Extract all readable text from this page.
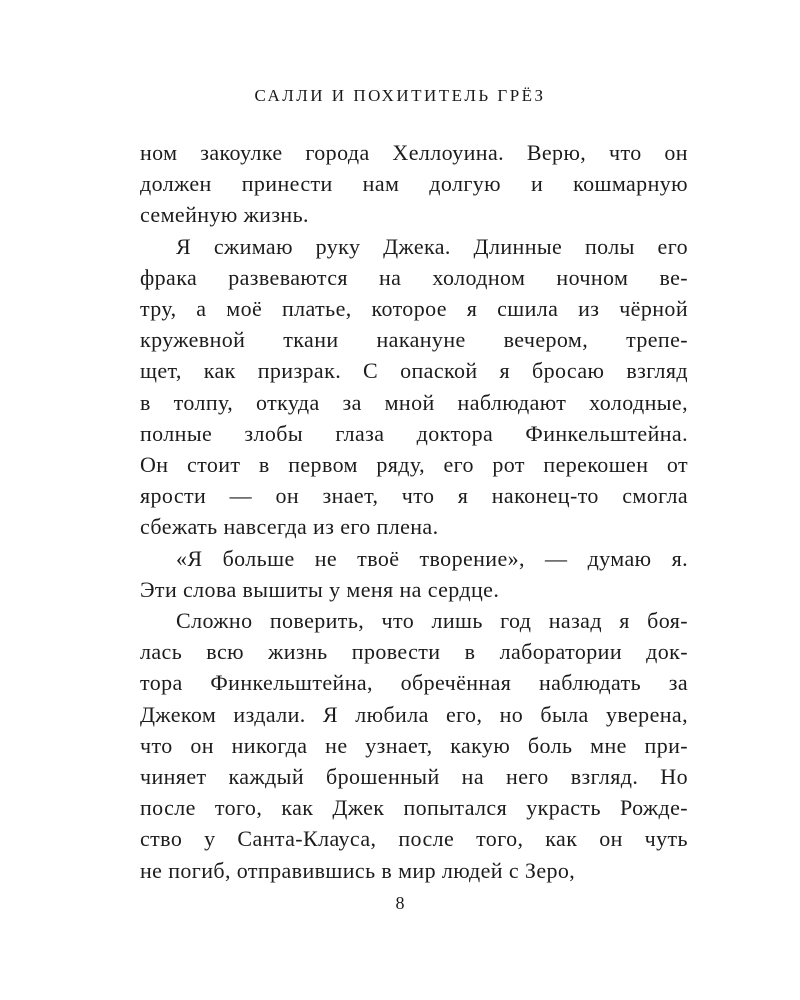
САЛЛИ И ПОХИТИТЕЛЬ ГРЁЗ
ном закоулке города Хеллоуина. Верю, что он
должен принести нам долгую и кошмарную
семейную жизнь.
Я сжимаю руку Джека. Длинные полы его
фрака развеваются на холодном ночном ве-
тру, а моё платье, которое я сшила из чёрной
кружевной ткани накануне вечером, трепе-
щет, как призрак. С опаской я бросаю взгляд
в толпу, откуда за мной наблюдают холодные,
полные злобы глаза доктора Финкельштейна.
Он стоит в первом ряду, его рот перекошен от
ярости — он знает, что я наконец-то смогла
сбежать навсегда из его плена.
«Я больше не твоё творение», — думаю я.
Эти слова вышиты у меня на сердце.
Сложно поверить, что лишь год назад я боя-
лась всю жизнь провести в лаборатории док-
тора Финкельштейна, обречённая наблюдать за
Джеком издали. Я любила его, но была уверена,
что он никогда не узнает, какую боль мне при-
чиняет каждый брошенный на него взгляд. Но
после того, как Джек попытался украсть Рожде-
ство у Санта-Клауса, после того, как он чуть
не погиб, отправившись в мир людей с Зеро,
8
